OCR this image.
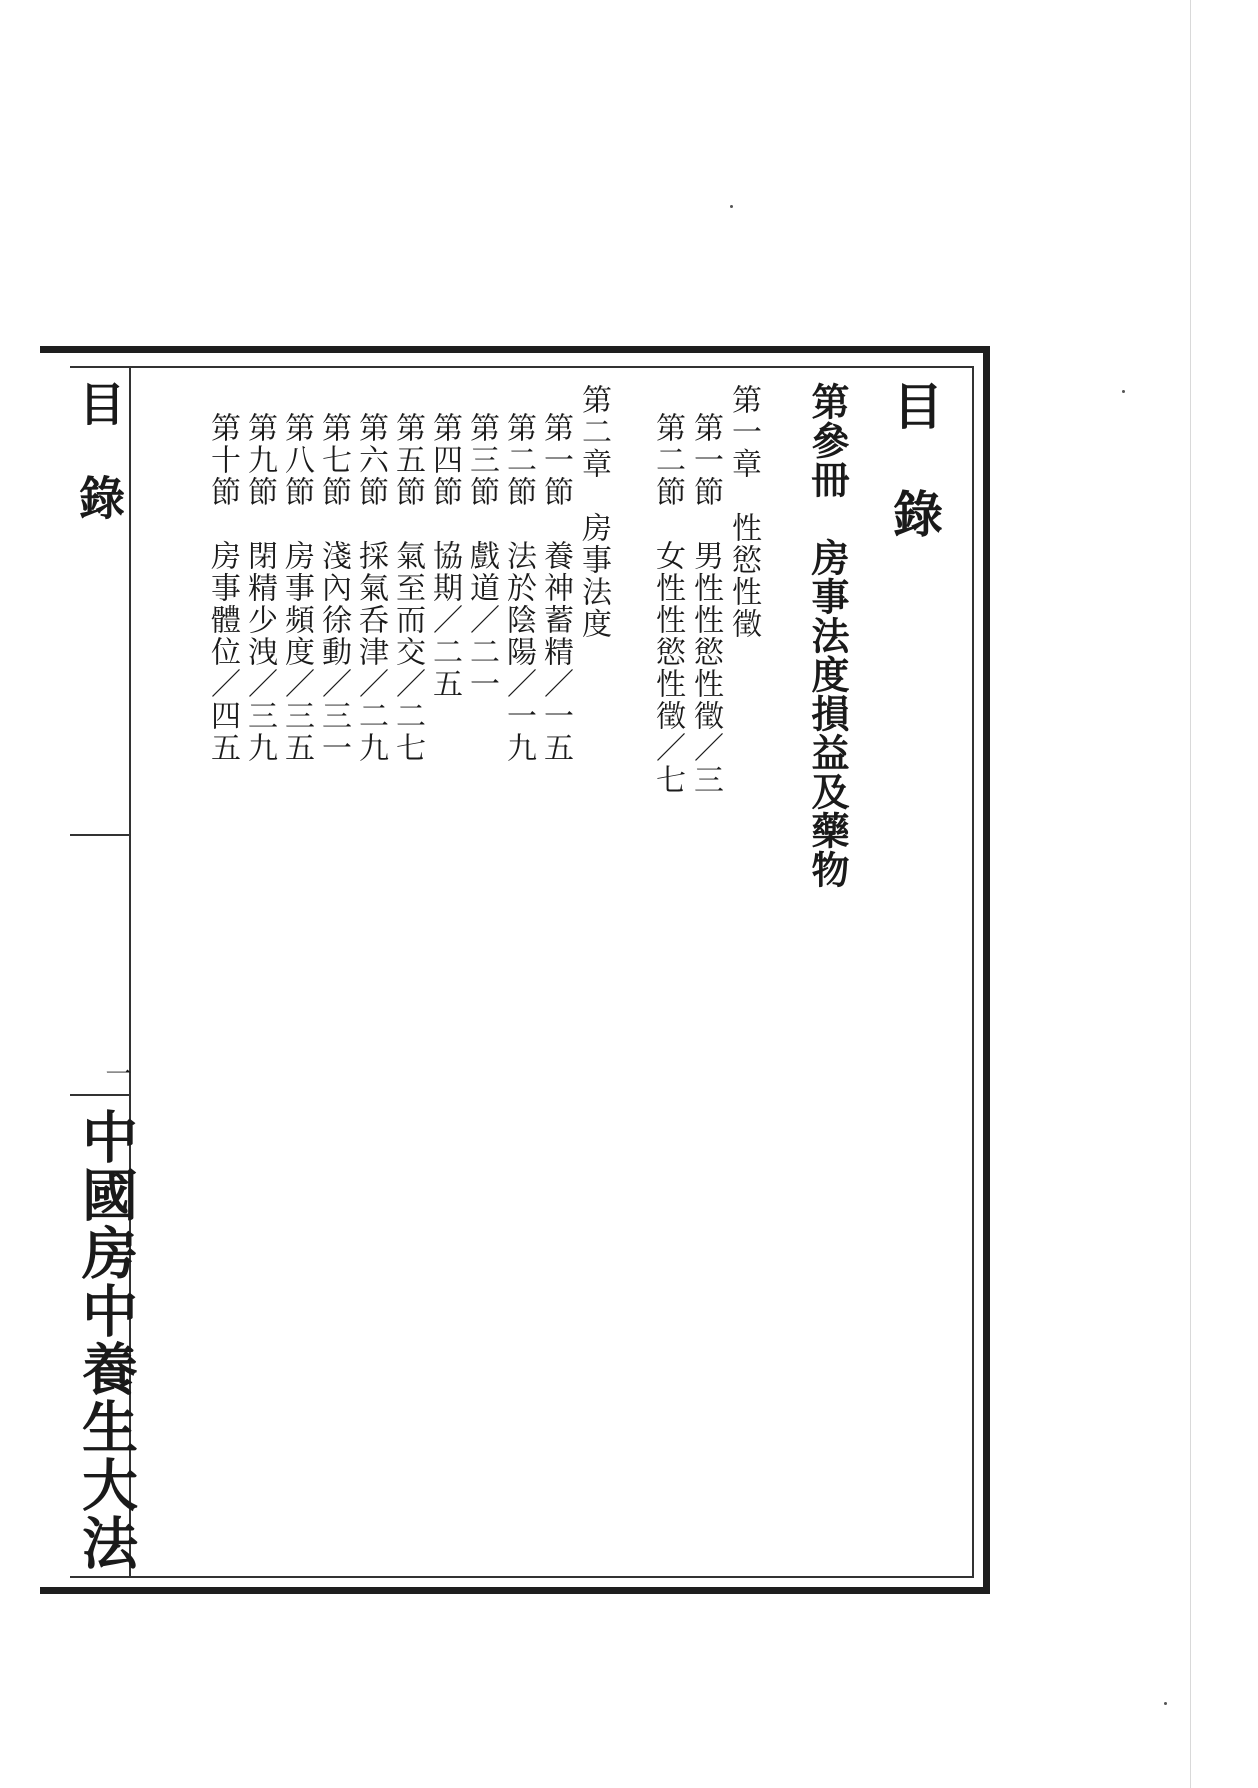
目錄
第參冊　房事法度損益及藥物
第一章　性慾性徵
第一節　男性性慾性徵／三
第二節　女性性慾性徵／七
第二章　房事法度
第一節　養神蓄精／一五
第二節　法於陰陽／一九
第三節　戲道／二一
第四節　協期／二五
第五節　氣至而交／二七
第六節　採氣呑津／二九
第七節　淺內徐動／三一
第八節　房事頻度／三五
第九節　閉精少洩／三九
第十節　房事體位／四五
目錄
一
中國房中養生大法
